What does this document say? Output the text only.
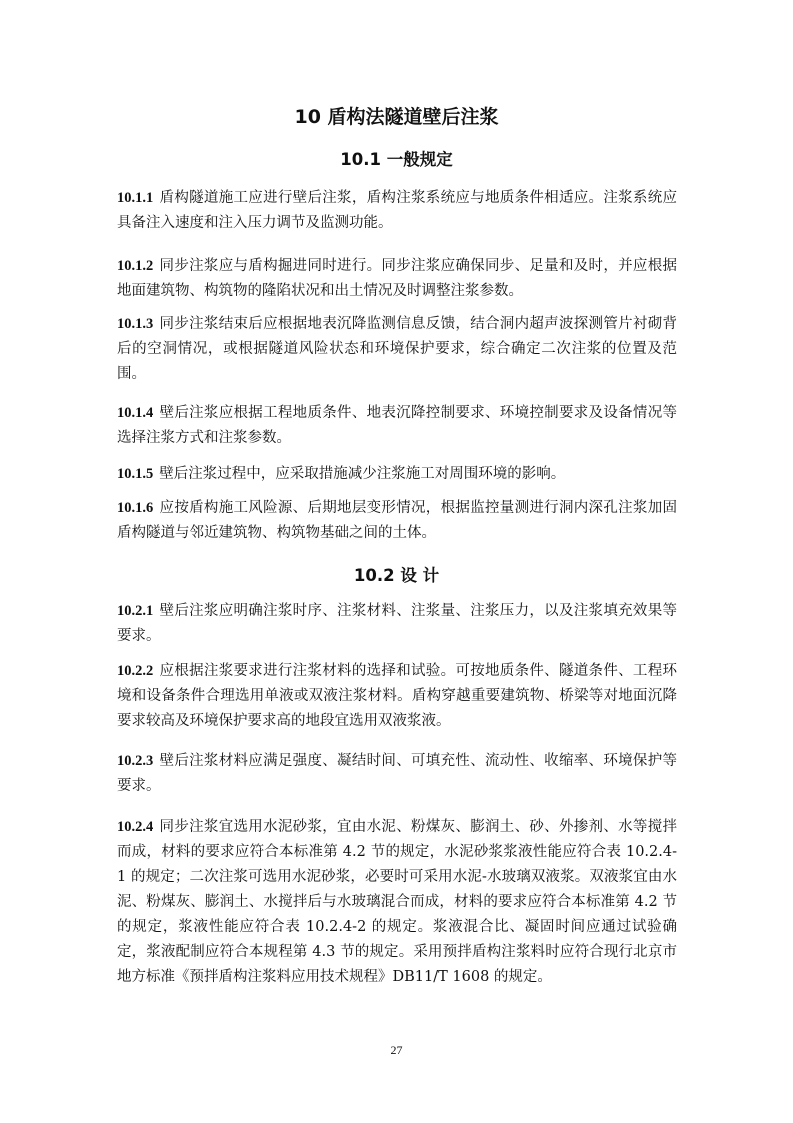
10 盾构法隧道壁后注浆
10.1 一般规定

10.1.1 盾构隧道施工应进行壁后注浆，盾构注浆系统应与地质条件相适应。注浆系统应具备注入速度和注入压力调节及监测功能。

10.1.2 同步注浆应与盾构掘进同时进行。同步注浆应确保同步、足量和及时，并应根据地面建筑物、构筑物的隆陷状况和出土情况及时调整注浆参数。

10.1.3 同步注浆结束后应根据地表沉降监测信息反馈，结合洞内超声波探测管片衬砌背后的空洞情况，或根据隧道风险状态和环境保护要求，综合确定二次注浆的位置及范围。

10.1.4 壁后注浆应根据工程地质条件、地表沉降控制要求、环境控制要求及设备情况等选择注浆方式和注浆参数。

10.1.5 壁后注浆过程中，应采取措施减少注浆施工对周围环境的影响。

10.1.6 应按盾构施工风险源、后期地层变形情况，根据监控量测进行洞内深孔注浆加固盾构隧道与邻近建筑物、构筑物基础之间的土体。

10.2 设 计

10.2.1 壁后注浆应明确注浆时序、注浆材料、注浆量、注浆压力，以及注浆填充效果等要求。

10.2.2 应根据注浆要求进行注浆材料的选择和试验。可按地质条件、隧道条件、工程环境和设备条件合理选用单液或双液注浆材料。盾构穿越重要建筑物、桥梁等对地面沉降要求较高及环境保护要求高的地段宜选用双液浆液。

10.2.3 壁后注浆材料应满足强度、凝结时间、可填充性、流动性、收缩率、环境保护等要求。

10.2.4 同步注浆宜选用水泥砂浆，宜由水泥、粉煤灰、膨润土、砂、外掺剂、水等搅拌而成，材料的要求应符合本标准第 4.2 节的规定，水泥砂浆浆液性能应符合表 10.2.4-1 的规定；二次注浆可选用水泥砂浆，必要时可采用水泥-水玻璃双液浆。双液浆宜由水泥、粉煤灰、膨润土、水搅拌后与水玻璃混合而成，材料的要求应符合本标准第 4.2 节的规定，浆液性能应符合表 10.2.4-2 的规定。浆液混合比、凝固时间应通过试验确定，浆液配制应符合本规程第 4.3 节的规定。采用预拌盾构注浆料时应符合现行北京市地方标准《预拌盾构注浆料应用技术规程》DB11/T 1608 的规定。

27
